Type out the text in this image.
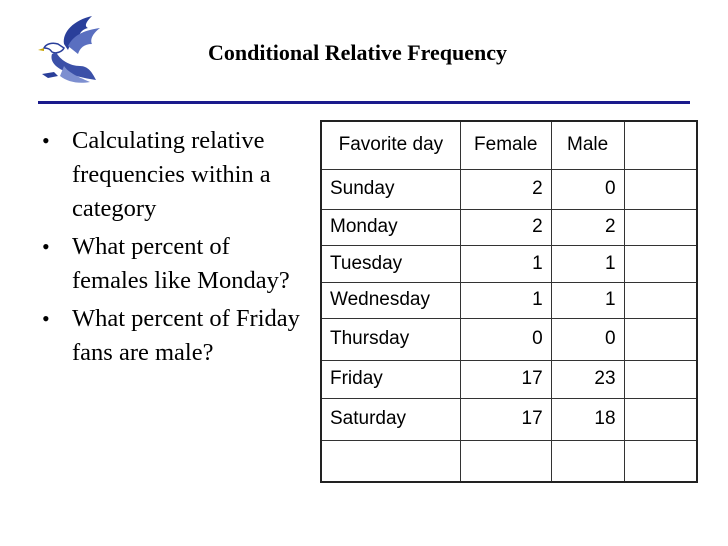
Conditional Relative Frequency
• Calculating relative frequencies within a category
• What percent of females like Monday?
• What percent of Friday fans are male?
Favorite day	Female	Male	
Sunday	2	0	
Monday	2	2	
Tuesday	1	1	
Wednesday	1	1	
Thursday	0	0	
Friday	17	23	
Saturday	17	18	
